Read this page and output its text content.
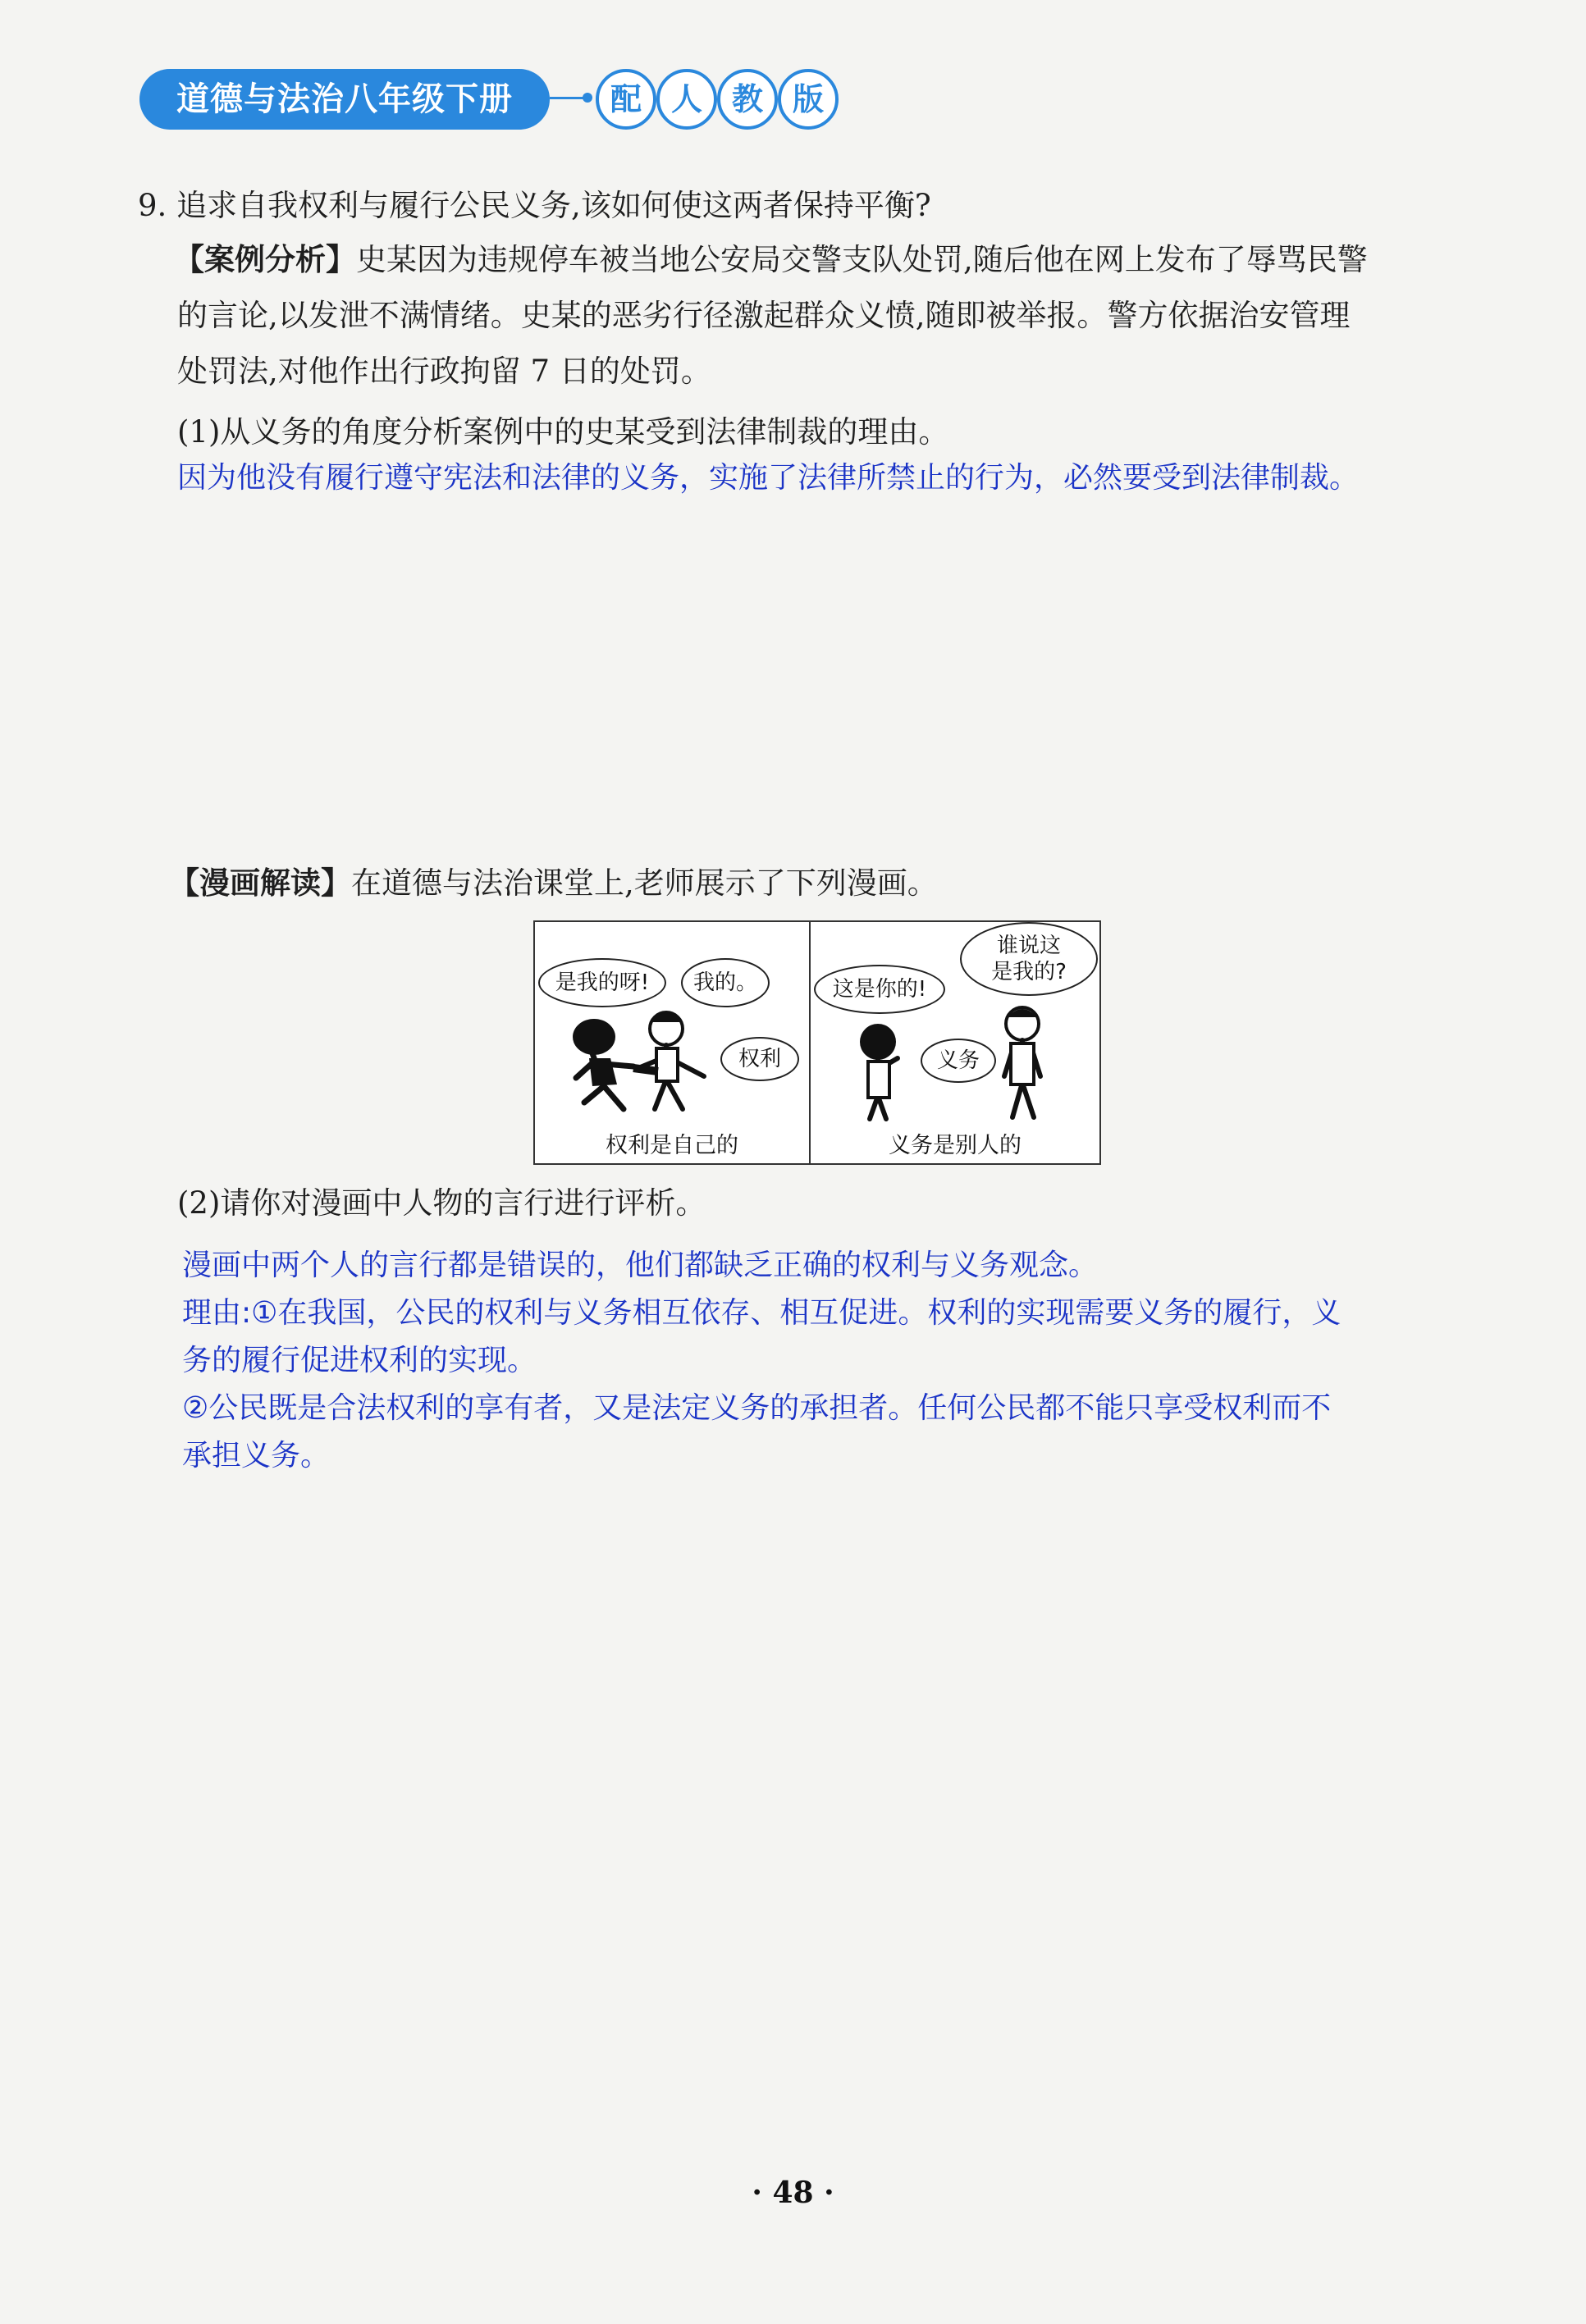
道德与法治八年级下册	配 人 教 版
9. 追求自我权利与履行公民义务,该如何使这两者保持平衡?
【案例分析】史某因为违规停车被当地公安局交警支队处罚,随后他在网上发布了辱骂民警
的言论,以发泄不满情绪。史某的恶劣行径激起群众义愤,随即被举报。警方依据治安管理
处罚法,对他作出行政拘留 7 日的处罚。
(1)从义务的角度分析案例中的史某受到法律制裁的理由。
因为他没有履行遵守宪法和法律的义务，实施了法律所禁止的行为，必然要受到法律制裁。
【漫画解读】在道德与法治课堂上,老师展示了下列漫画。
是我的呀!	我的。
权利
权利是自己的
这是你的!
谁说这
是我的?
义务
义务是别人的
(2)请你对漫画中人物的言行进行评析。
漫画中两个人的言行都是错误的，他们都缺乏正确的权利与义务观念。
理由:①在我国，公民的权利与义务相互依存、相互促进。权利的实现需要义务的履行，义
务的履行促进权利的实现。
②公民既是合法权利的享有者，又是法定义务的承担者。任何公民都不能只享受权利而不
承担义务。
· 48 ·
